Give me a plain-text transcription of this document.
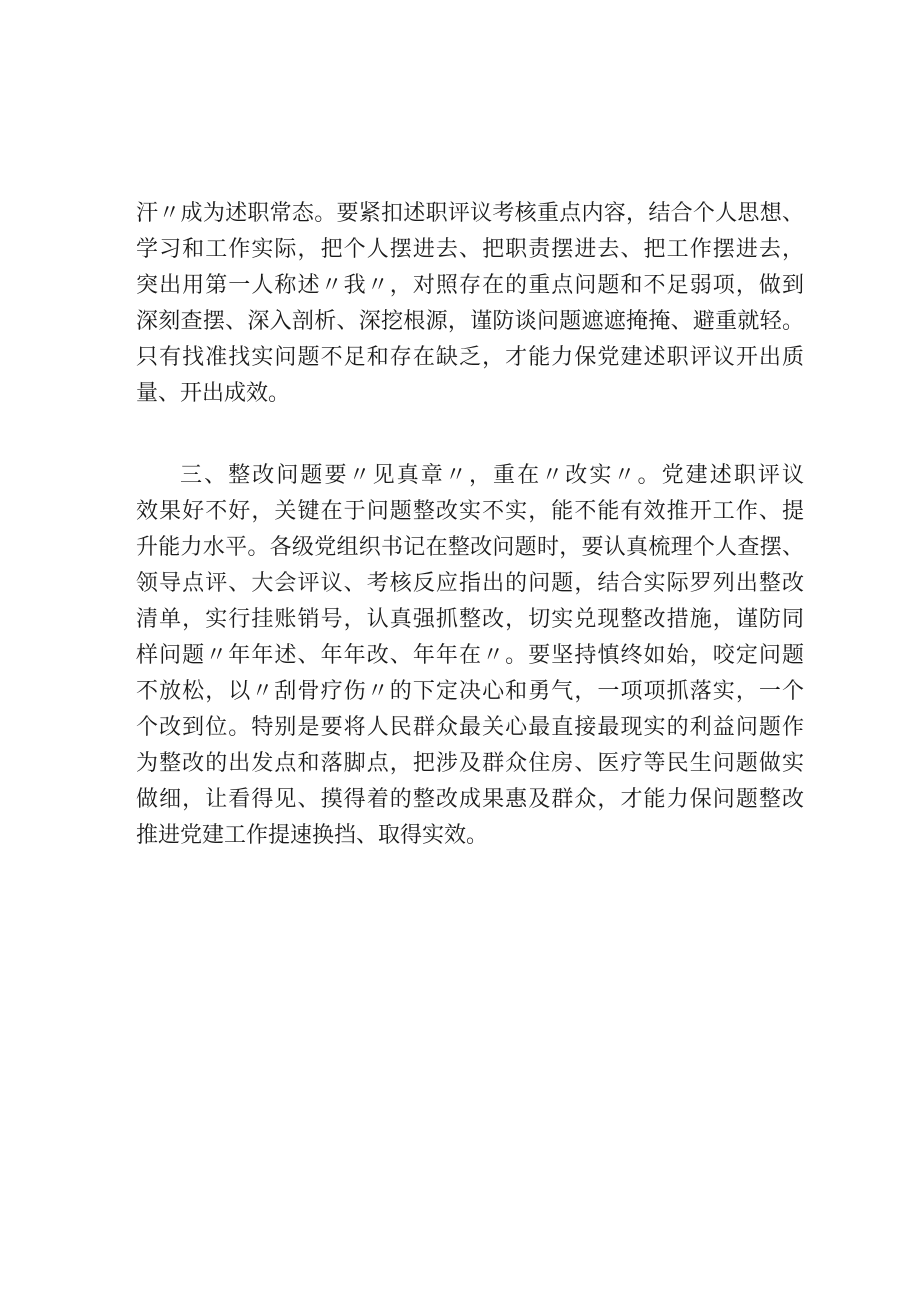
汗〃成为述职常态。要紧扣述职评议考核重点内容，结合个人思想、
学习和工作实际，把个人摆进去、把职责摆进去、把工作摆进去，
突出用第一人称述〃我〃，对照存在的重点问题和不足弱项，做到
深刻查摆、深入剖析、深挖根源，谨防谈问题遮遮掩掩、避重就轻。
只有找准找实问题不足和存在缺乏，才能力保党建述职评议开出质
量、开出成效。
三、整改问题要〃见真章〃，重在〃改实〃。党建述职评议
效果好不好，关键在于问题整改实不实，能不能有效推开工作、提
升能力水平。各级党组织书记在整改问题时，要认真梳理个人查摆、
领导点评、大会评议、考核反应指出的问题，结合实际罗列出整改
清单，实行挂账销号，认真强抓整改，切实兑现整改措施，谨防同
样问题〃年年述、年年改、年年在〃。要坚持慎终如始，咬定问题
不放松，以〃刮骨疗伤〃的下定决心和勇气，一项项抓落实，一个
个改到位。特别是要将人民群众最关心最直接最现实的利益问题作
为整改的出发点和落脚点，把涉及群众住房、医疗等民生问题做实
做细，让看得见、摸得着的整改成果惠及群众，才能力保问题整改
推进党建工作提速换挡、取得实效。
